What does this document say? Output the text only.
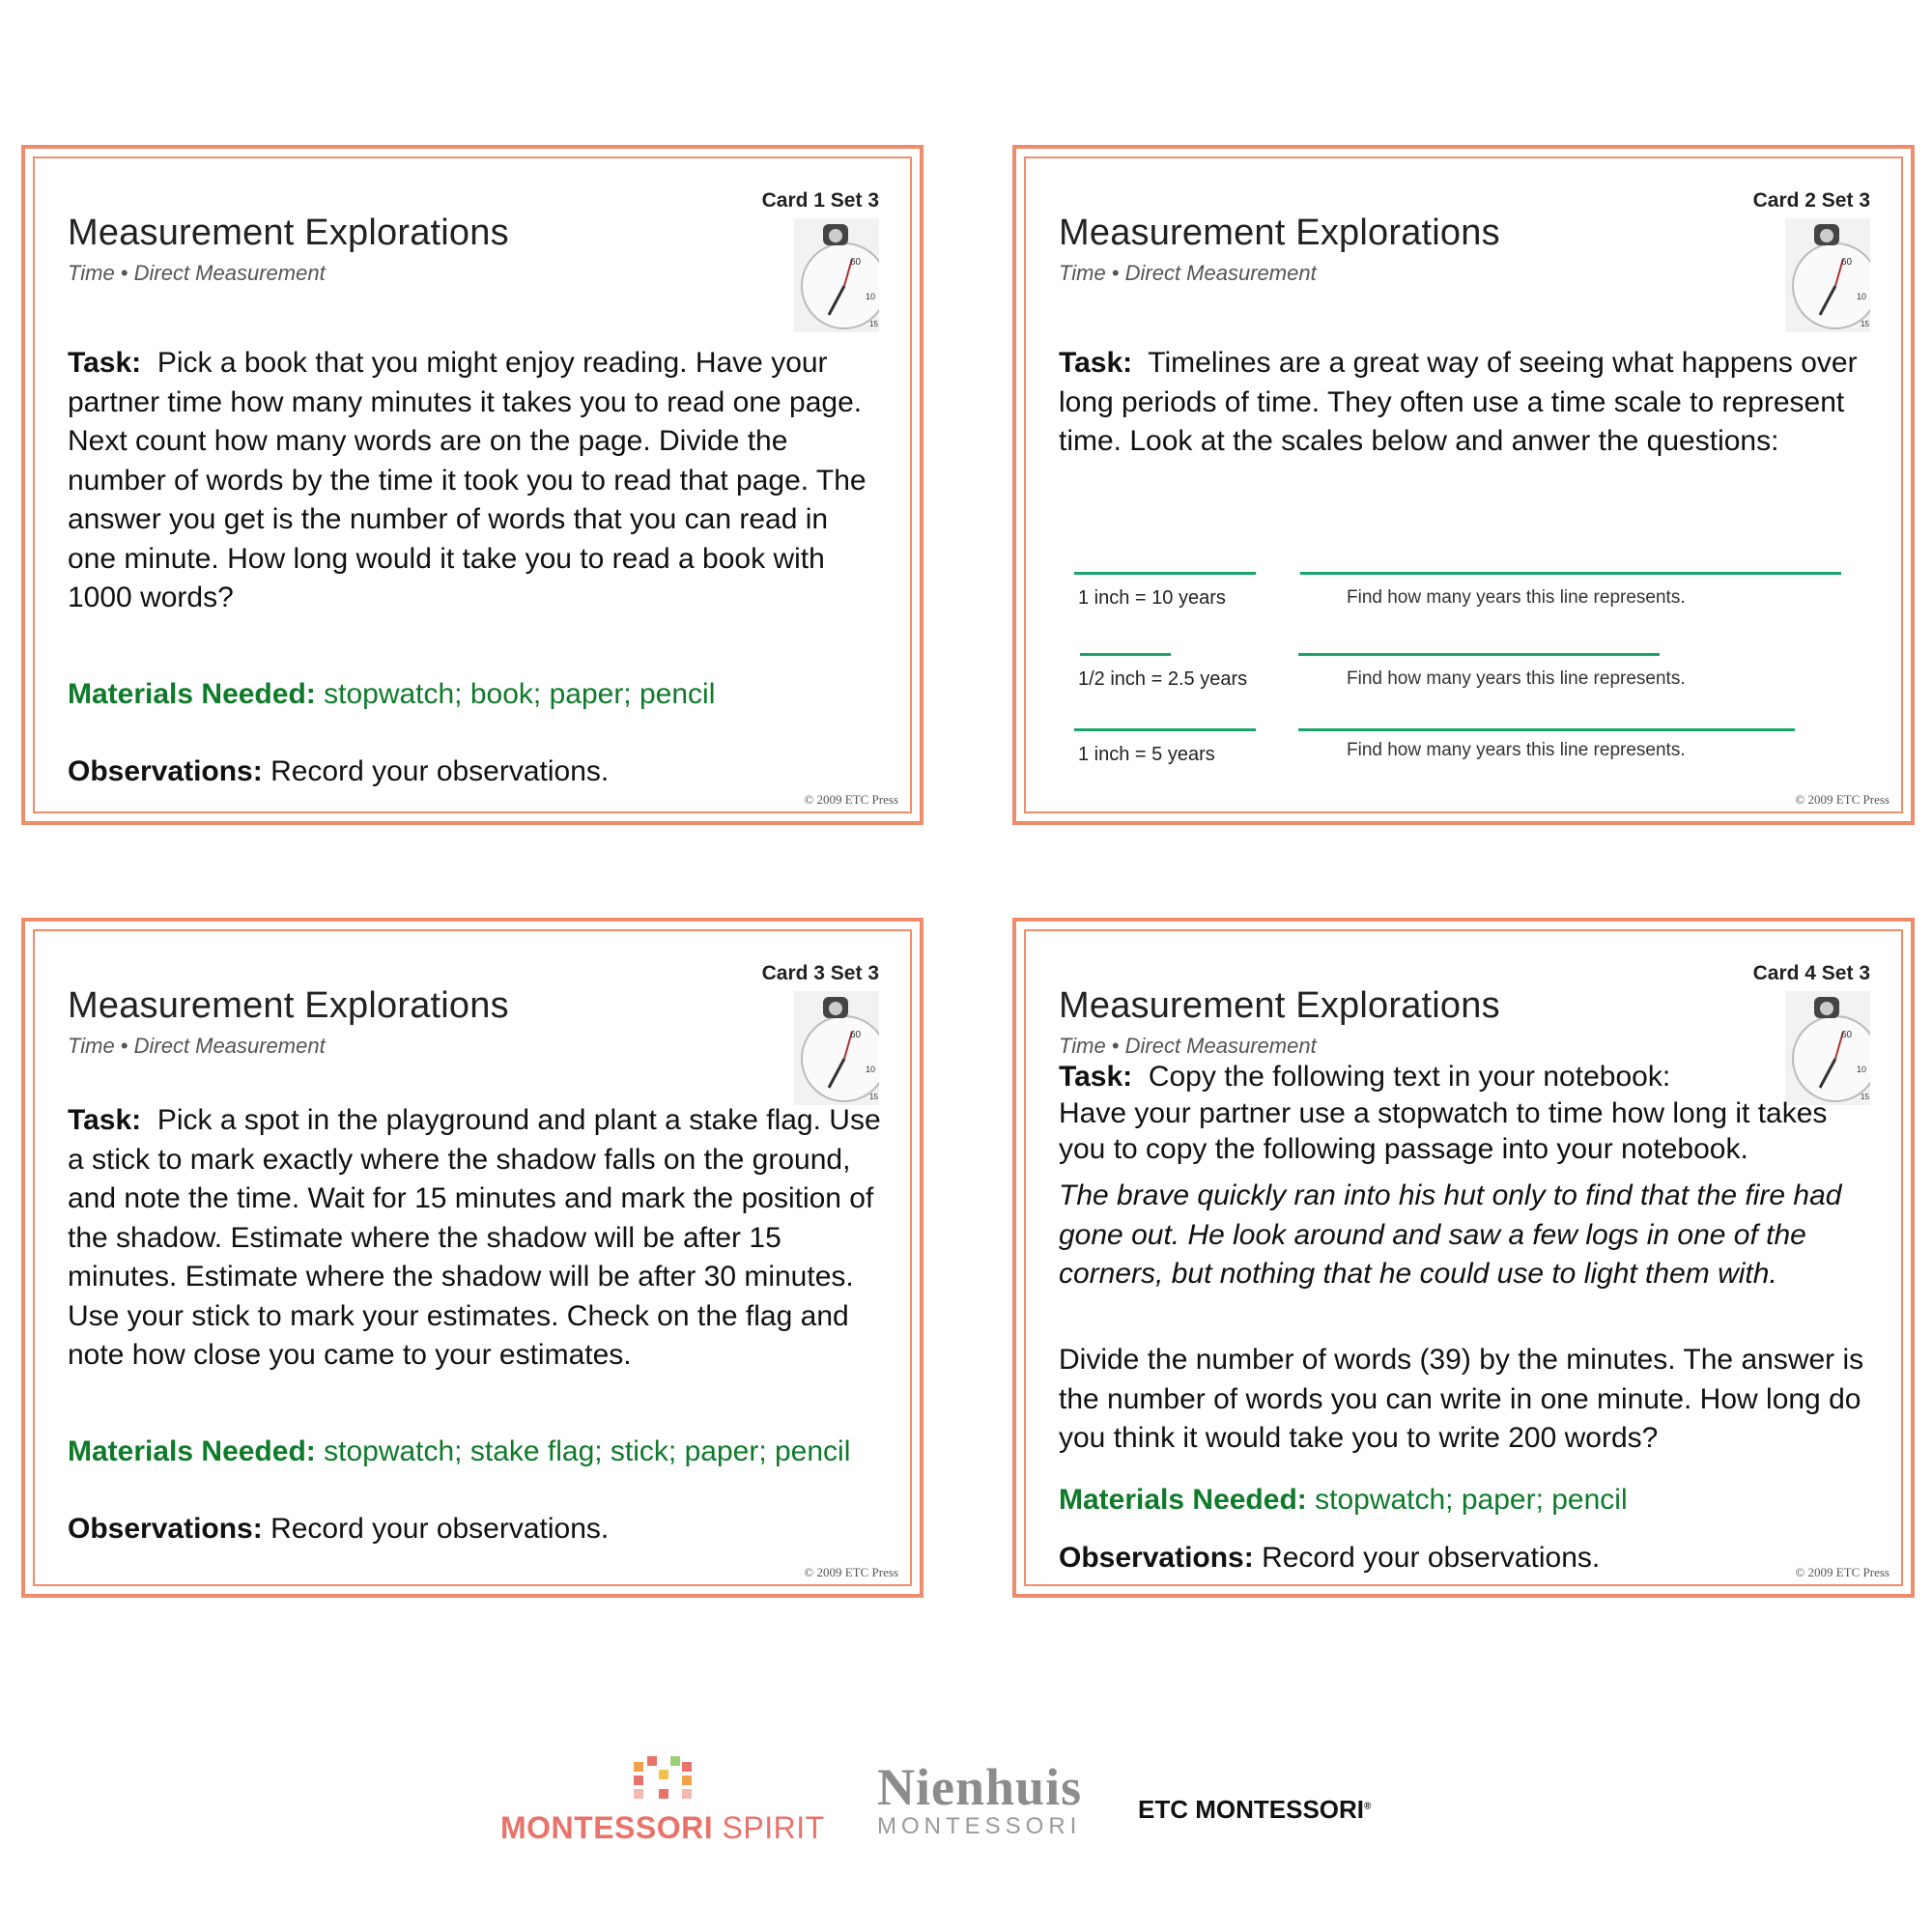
Card 1 Set 3
Measurement Explorations
Time • Direct Measurement	60
10
15
Task: Pick a book that you might enjoy reading. Have your partner time how many minutes it takes you to read one page. Next count how many words are on the page. Divide the number of words by the time it took you to read that page. The answer you get is the number of words that you can read in one minute. How long would it take you to read a book with 1000 words?
Materials Needed: stopwatch; book; paper; pencil
Observations: Record your observations.
© 2009 ETC Press
Card 2 Set 3
Measurement Explorations
Time • Direct Measurement	60
10
15
Task: Timelines are a great way of seeing what happens over long periods of time. They often use a time scale to represent time. Look at the scales below and anwer the questions:
1 inch = 10 years	Find how many years this line represents.
1/2 inch = 2.5 years	Find how many years this line represents.
1 inch = 5 years	Find how many years this line represents.
© 2009 ETC Press
Card 3 Set 3
Measurement Explorations
Time • Direct Measurement	60
10
15
Task: Pick a spot in the playground and plant a stake flag. Use a stick to mark exactly where the shadow falls on the ground, and note the time. Wait for 15 minutes and mark the position of the shadow. Estimate where the shadow will be after 15 minutes. Estimate where the shadow will be after 30 minutes. Use your stick to mark your estimates. Check on the flag and note how close you came to your estimates.
Materials Needed: stopwatch; stake flag; stick; paper; pencil
Observations: Record your observations.
© 2009 ETC Press
Card 4 Set 3
Measurement Explorations
Time • Direct Measurement	60
10
15
Task: Copy the following text in your notebook:
Have your partner use a stopwatch to time how long it takes you to copy the following passage into your notebook.
The brave quickly ran into his hut only to find that the fire had gone out. He look around and saw a few logs in one of the corners, but nothing that he could use to light them with.
Divide the number of words (39) by the minutes. The answer is the number of words you can write in one minute. How long do you think it would take you to write 200 words?
Materials Needed: stopwatch; paper; pencil
Observations: Record your observations.	© 2009 ETC Press
MONTESSORI SPIRIT
Nienhuis
MONTESSORI
ETC MONTESSORI®
